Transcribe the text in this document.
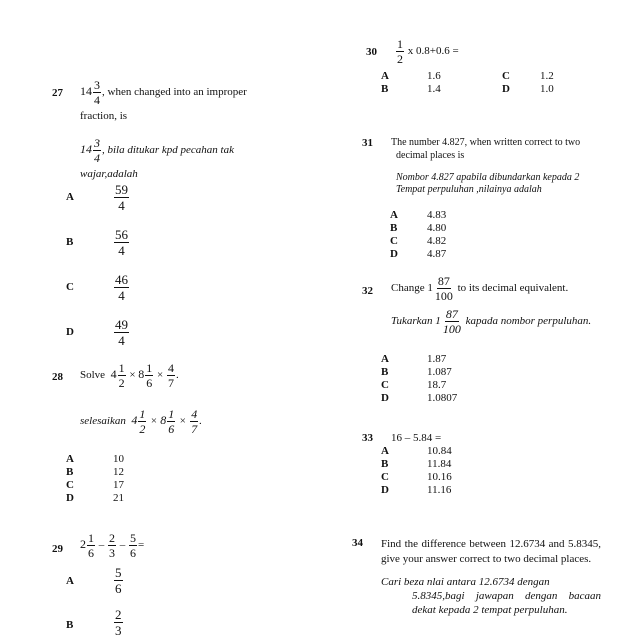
27 $14 \frac{3}{4}$ , when changed into an improper
fraction, is
$14 \frac{3}{4}$ , bila ditukar kpd pecahan tak
wajar,adalah
A	$\frac{59}{4}$
B	$\frac{56}{4}$
C	$\frac{46}{4}$
D	$\frac{49}{4}$
28 Solve $4 \frac{1}{2} \times 8 \frac{1}{6} \times \frac{4}{7}$ .
selesaikan $4 \frac{1}{2} \times 8 \frac{1}{6} \times \frac{4}{7}$ .
A	10
B	12
C	17
D	21
29 $2 \frac{1}{6} - \frac{2}{3} - \frac{5}{6}$ =
A	$\frac{5}{6}$
B	$\frac{2}{3}$
$30 \frac{1}{2}$ x 0.8+0.6 =
A	1.6
B	1.4
C	1.2
D	1.0
31 The number 4.827, when written correct to two
decimal places is
Nombor 4.827 apabila dibundarkan kepada 2
Tempat perpuluhan ,nilainya adalah
A	4.83
B	4.80
C	4.82
D	4.87
32 Change $1 \frac{87}{100}$ to its decimal equivalent.
Tukarkan $1 \frac{87}{100}$ kapada nombor perpuluhan.
A	1.87
B	1.087
C	18.7
D	1.0807
33 16 – 5.84 =
A	10.84
B	11.84
C	10.16
D	11.16
34 Find the difference between 12.6734 and 5.8345, give your answer correct to two decimal places.
Cari beza nlai antara 12.6734 dengan
5.8345,bagi jawapan dengan bacaan dekat kepada 2 tempat perpuluhan.
